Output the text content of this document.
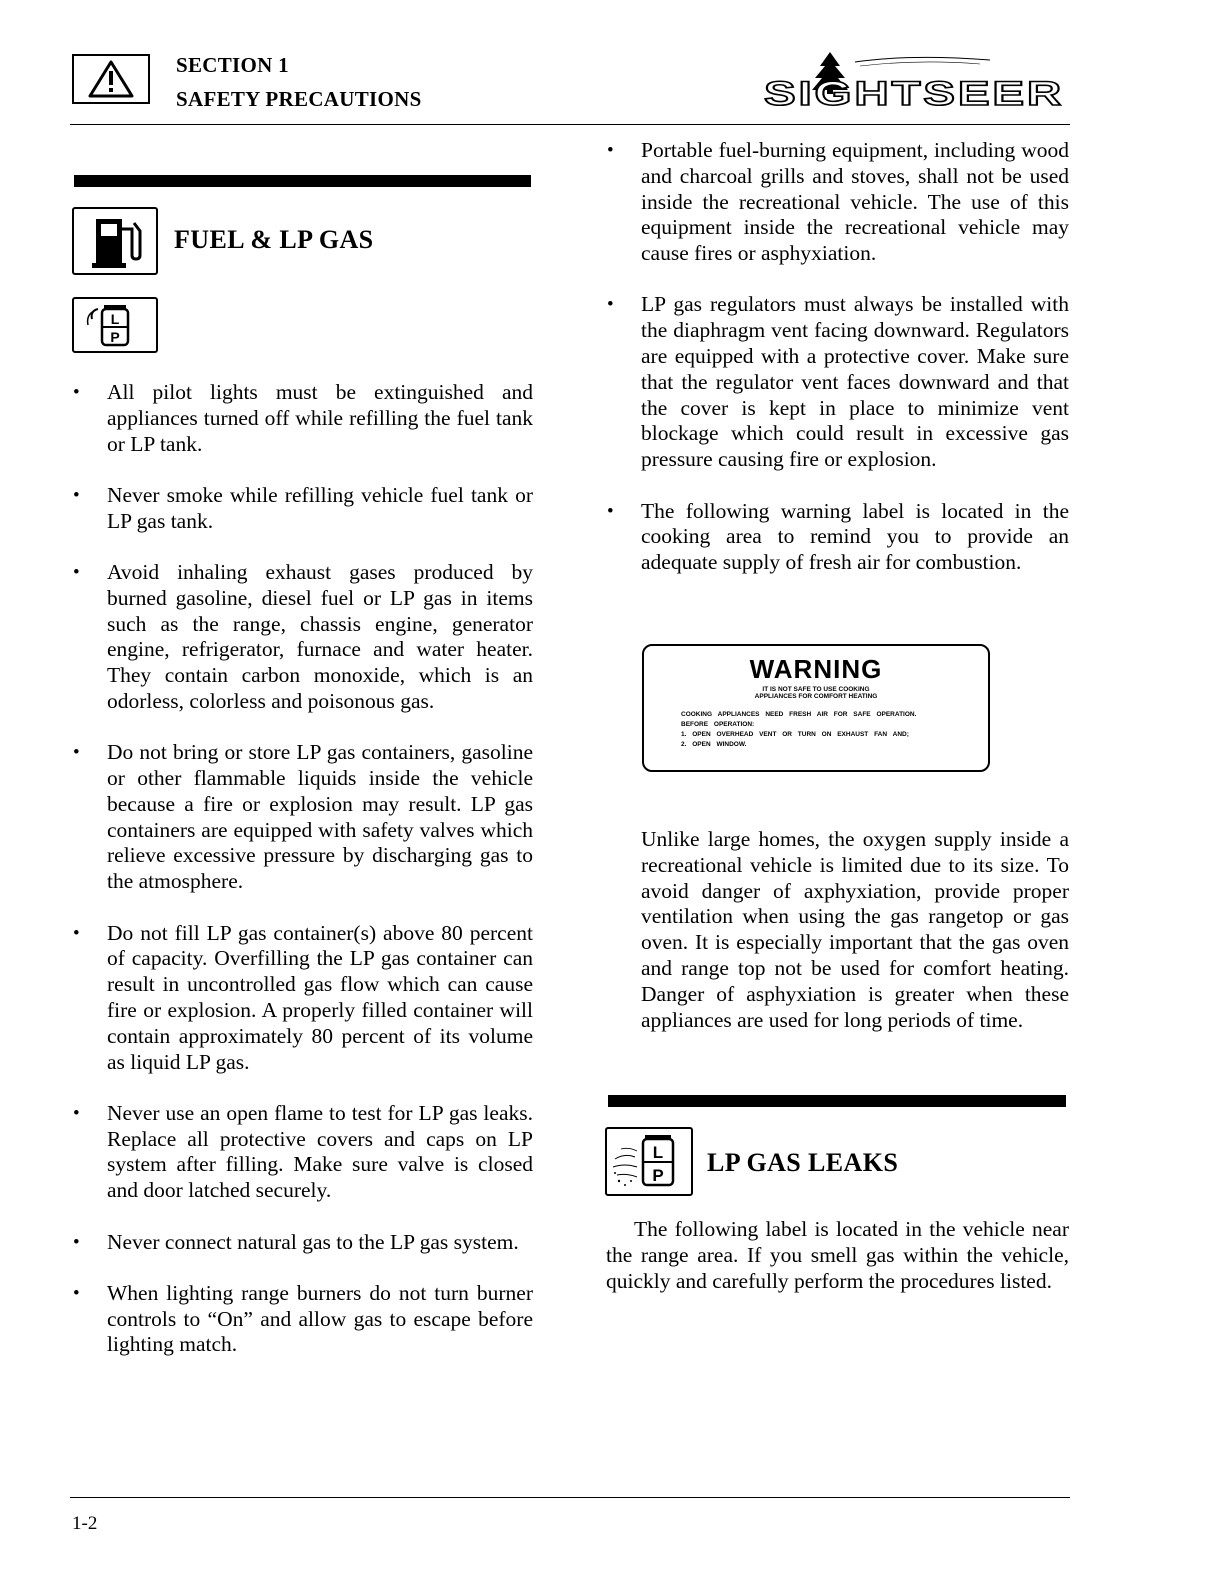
SECTION 1
SAFETY PRECAUTIONS	SIGHTSEER
FUEL & LP GAS
L
P
• All pilot lights must be extinguished and appliances turned off while refilling the fuel tank or LP tank.
• Never smoke while refilling vehicle fuel tank or LP gas tank.
• Avoid inhaling exhaust gases produced by burned gasoline, diesel fuel or LP gas in items such as the range, chassis engine, generator engine, refrigerator, furnace and water heater. They contain carbon monoxide, which is an odorless, colorless and poisonous gas.
• Do not bring or store LP gas containers, gasoline or other flammable liquids inside the vehicle because a fire or explosion may result. LP gas containers are equipped with safety valves which relieve excessive pressure by discharging gas to the atmosphere.
• Do not fill LP gas container(s) above 80 percent of capacity. Overfilling the LP gas container can result in uncontrolled gas flow which can cause fire or explosion. A properly filled container will contain approximately 80 percent of its volume as liquid LP gas.
• Never use an open flame to test for LP gas leaks. Replace all protective covers and caps on LP system after filling. Make sure valve is closed and door latched securely.
• Never connect natural gas to the LP gas system.
• When lighting range burners do not turn burner controls to “On” and allow gas to escape before lighting match.
• Portable fuel-burning equipment, including wood and charcoal grills and stoves, shall not be used inside the recreational vehicle. The use of this equipment inside the recreational vehicle may cause fires or asphyxiation.
• LP gas regulators must always be installed with the diaphragm vent facing downward. Regulators are equipped with a protective cover. Make sure that the regulator vent faces downward and that the cover is kept in place to minimize vent blockage which could result in excessive gas pressure causing fire or explosion.
• The following warning label is located in the cooking area to remind you to provide an adequate supply of fresh air for combustion.
WARNING
IT IS NOT SAFE TO USE COOKING
APPLIANCES FOR COMFORT HEATING
COOKING APPLIANCES NEED FRESH AIR FOR SAFE OPERATION.
BEFORE OPERATION:
1. OPEN OVERHEAD VENT OR TURN ON EXHAUST FAN AND;
2. OPEN WINDOW.

Unlike large homes, the oxygen supply inside a recreational vehicle is limited due to its size. To avoid danger of axphyxiation, provide proper ventilation when using the gas rangetop or gas oven. It is especially important that the gas oven and range top not be used for comfort heating. Danger of asphyxiation is greater when these appliances are used for long periods of time.

L
P LP GAS LEAKS

The following label is located in the vehicle near the range area. If you smell gas within the vehicle, quickly and carefully perform the procedures listed.

1-2
